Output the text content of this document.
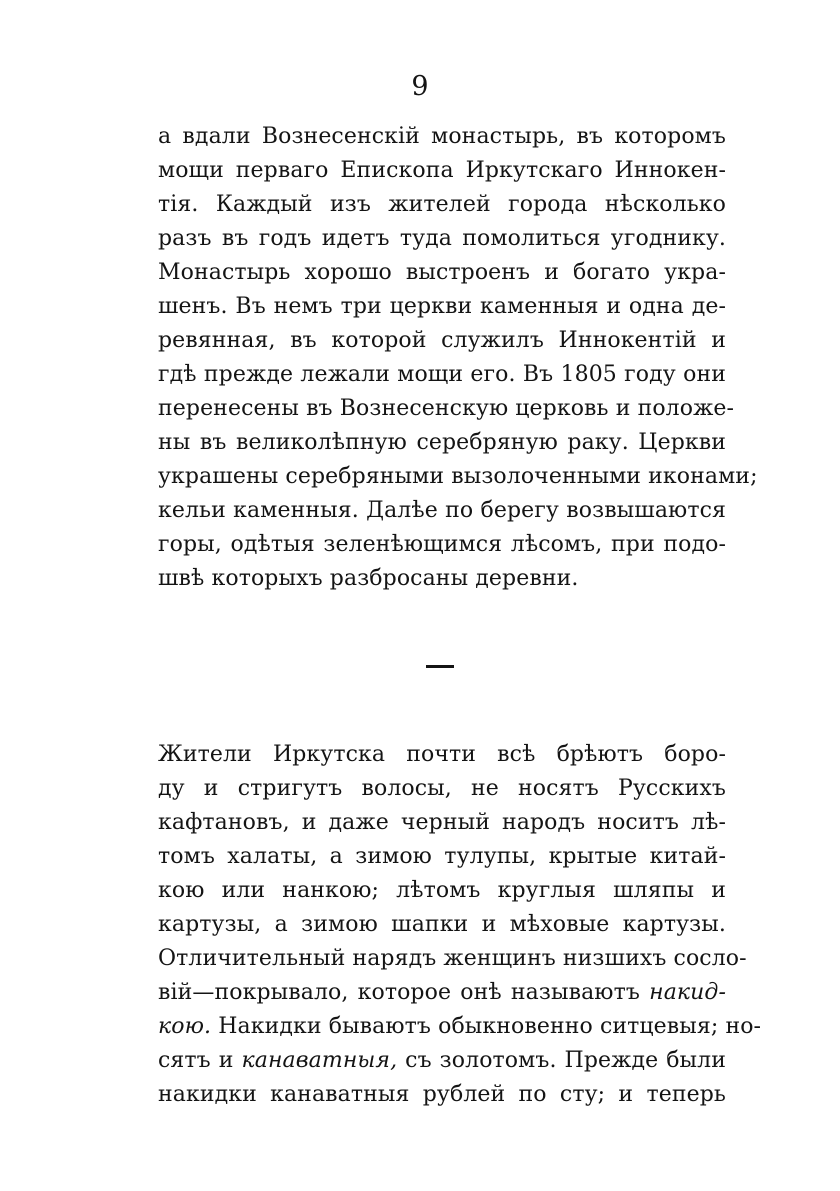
9
а вдали Вознесенскій монастырь, въ которомъ
мощи перваго Епископа Иркутскаго Иннокен-
тія. Каждый изъ жителей города нѣсколько
разъ въ годъ идетъ туда помолиться угоднику.
Монастырь хорошо выстроенъ и богато укра-
шенъ. Въ немъ три церкви каменныя и одна де-
ревянная, въ которой служилъ Иннокентій и
гдѣ прежде лежали мощи его. Въ 1805 году они
перенесены въ Вознесенскую церковь и положе-
ны въ великолѣпную серебряную раку. Церкви
украшены серебряными вызолоченными иконами;
кельи каменныя. Далѣе по берегу возвышаются
горы, одѣтыя зеленѣющимся лѣсомъ, при подо-
швѣ которыхъ разбросаны деревни.
Жители Иркутска почти всѣ брѣютъ боро-
ду и стригутъ волосы, не носятъ Русскихъ
кафтановъ, и даже черный народъ носитъ лѣ-
томъ халаты, а зимою тулупы, крытые китай-
кою или нанкою; лѣтомъ круглыя шляпы и
картузы, а зимою шапки и мѣховые картузы.
Отличительный нарядъ женщинъ низшихъ сосло-
вій—покрывало, которое онѣ называютъ накид-
кою. Накидки бываютъ обыкновенно ситцевыя; но-
сятъ и канаватныя, съ золотомъ. Прежде были
накидки канаватныя рублей по сту; и теперь
